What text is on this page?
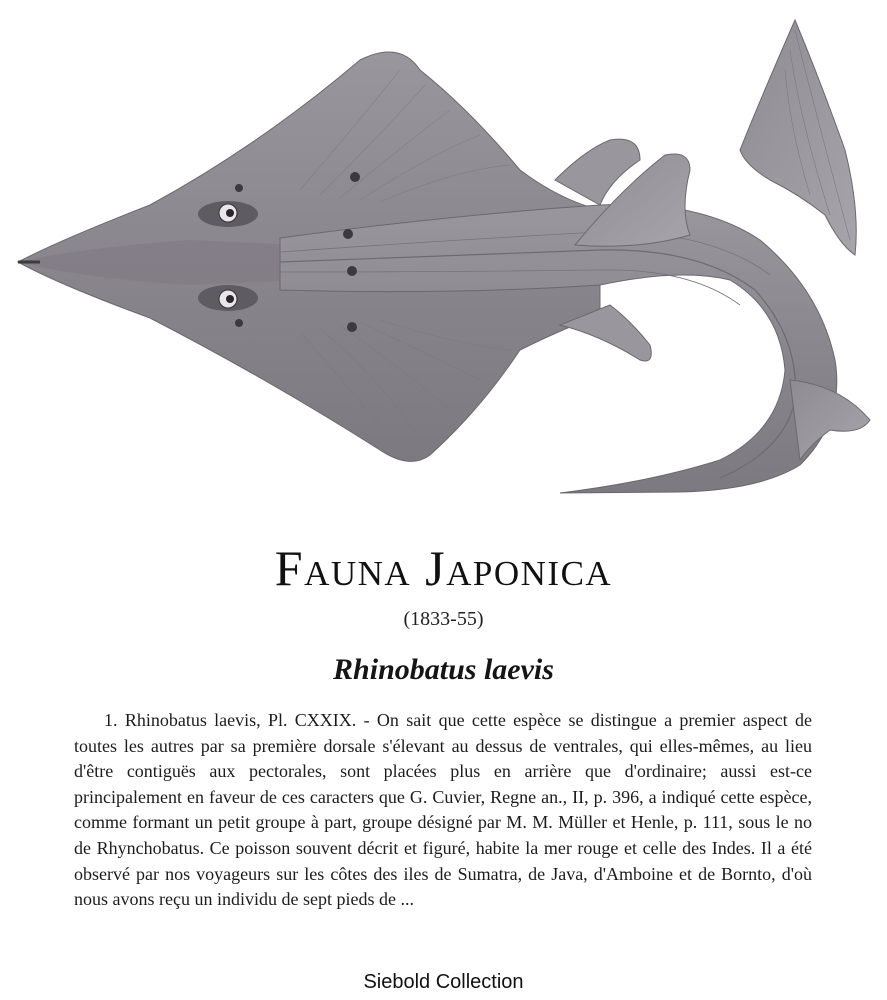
Fauna Japonica
(1833-55)
Rhinobatus laevis

1. Rhinobatus laevis, Pl. CXXIX. - On sait que cette espèce se distingue a premier aspect de toutes les autres par sa première dorsale s'élevant au dessus de ventrales, qui elles-mêmes, au lieu d'être contiguës aux pectorales, sont placées plus en arrière que d'ordinaire; aussi est-ce principalement en faveur de ces caracters que G. Cuvier, Regne an., II, p. 396, a indiqué cette espèce, comme formant un petit groupe à part, groupe désigné par M. M. Müller et Henle, p. 111, sous le no de Rhynchobatus. Ce poisson souvent décrit et figuré, habite la mer rouge et celle des Indes. Il a été observé par nos voyageurs sur les côtes des iles de Sumatra, de Java, d'Amboine et de Bornto, d'où nous avons reçu un individu de sept pieds de ...

Siebold Collection
